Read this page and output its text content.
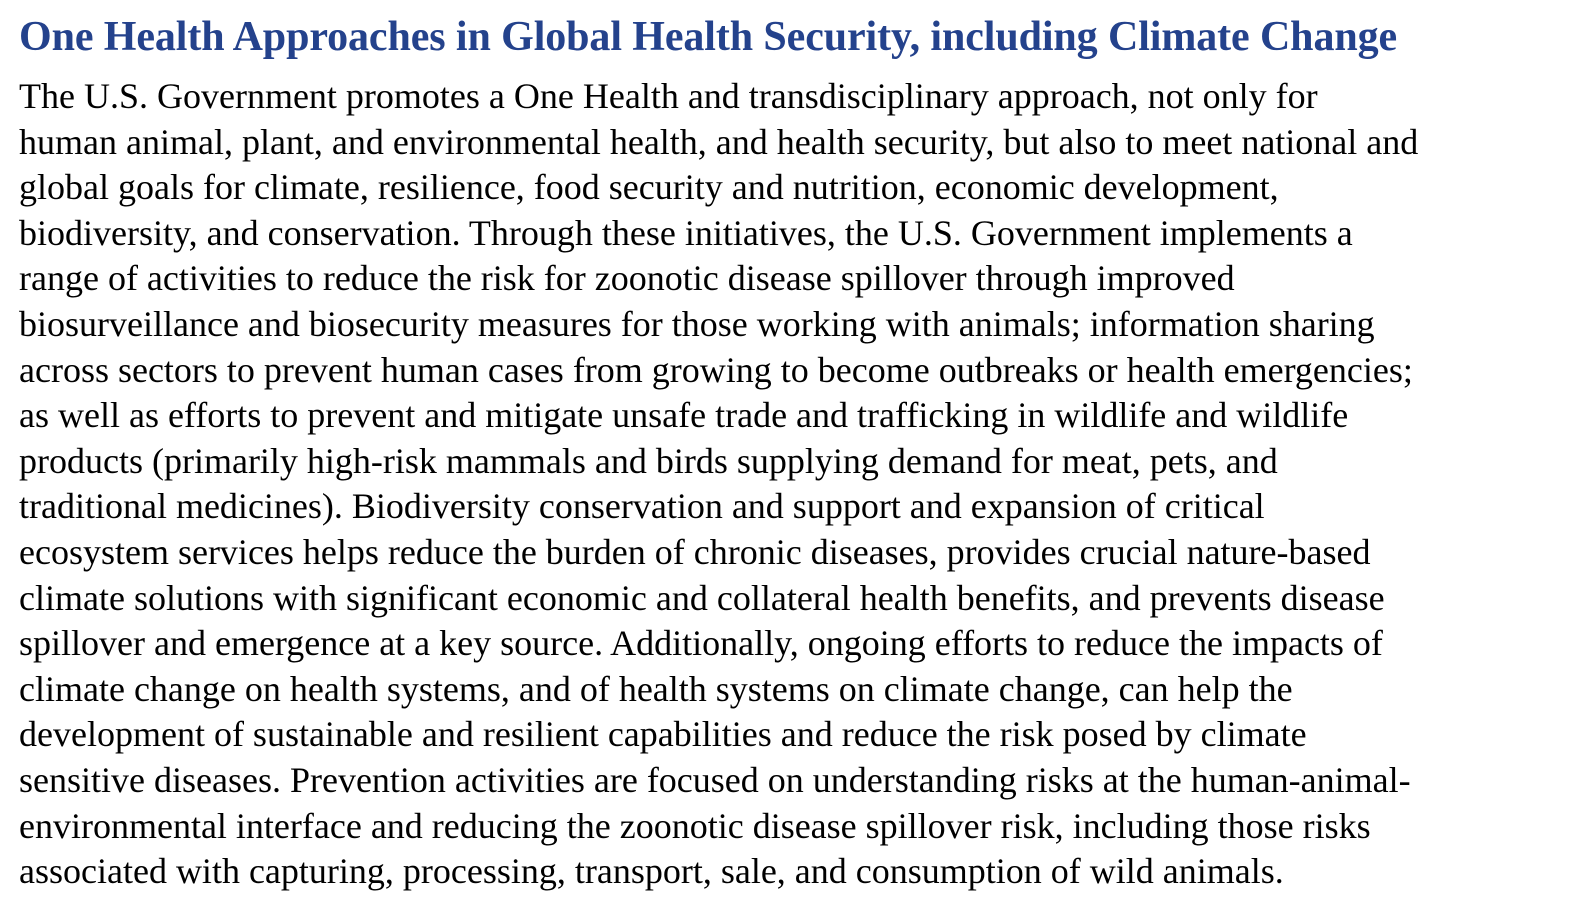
One Health Approaches in Global Health Security, including Climate Change
The U.S. Government promotes a One Health and transdisciplinary approach, not only for
human animal, plant, and environmental health, and health security, but also to meet national and
global goals for climate, resilience, food security and nutrition, economic development,
biodiversity, and conservation. Through these initiatives, the U.S. Government implements a
range of activities to reduce the risk for zoonotic disease spillover through improved
biosurveillance and biosecurity measures for those working with animals; information sharing
across sectors to prevent human cases from growing to become outbreaks or health emergencies;
as well as efforts to prevent and mitigate unsafe trade and trafficking in wildlife and wildlife
products (primarily high-risk mammals and birds supplying demand for meat, pets, and
traditional medicines). Biodiversity conservation and support and expansion of critical
ecosystem services helps reduce the burden of chronic diseases, provides crucial nature-based
climate solutions with significant economic and collateral health benefits, and prevents disease
spillover and emergence at a key source. Additionally, ongoing efforts to reduce the impacts of
climate change on health systems, and of health systems on climate change, can help the
development of sustainable and resilient capabilities and reduce the risk posed by climate
sensitive diseases. Prevention activities are focused on understanding risks at the human-animal-
environmental interface and reducing the zoonotic disease spillover risk, including those risks
associated with capturing, processing, transport, sale, and consumption of wild animals.
